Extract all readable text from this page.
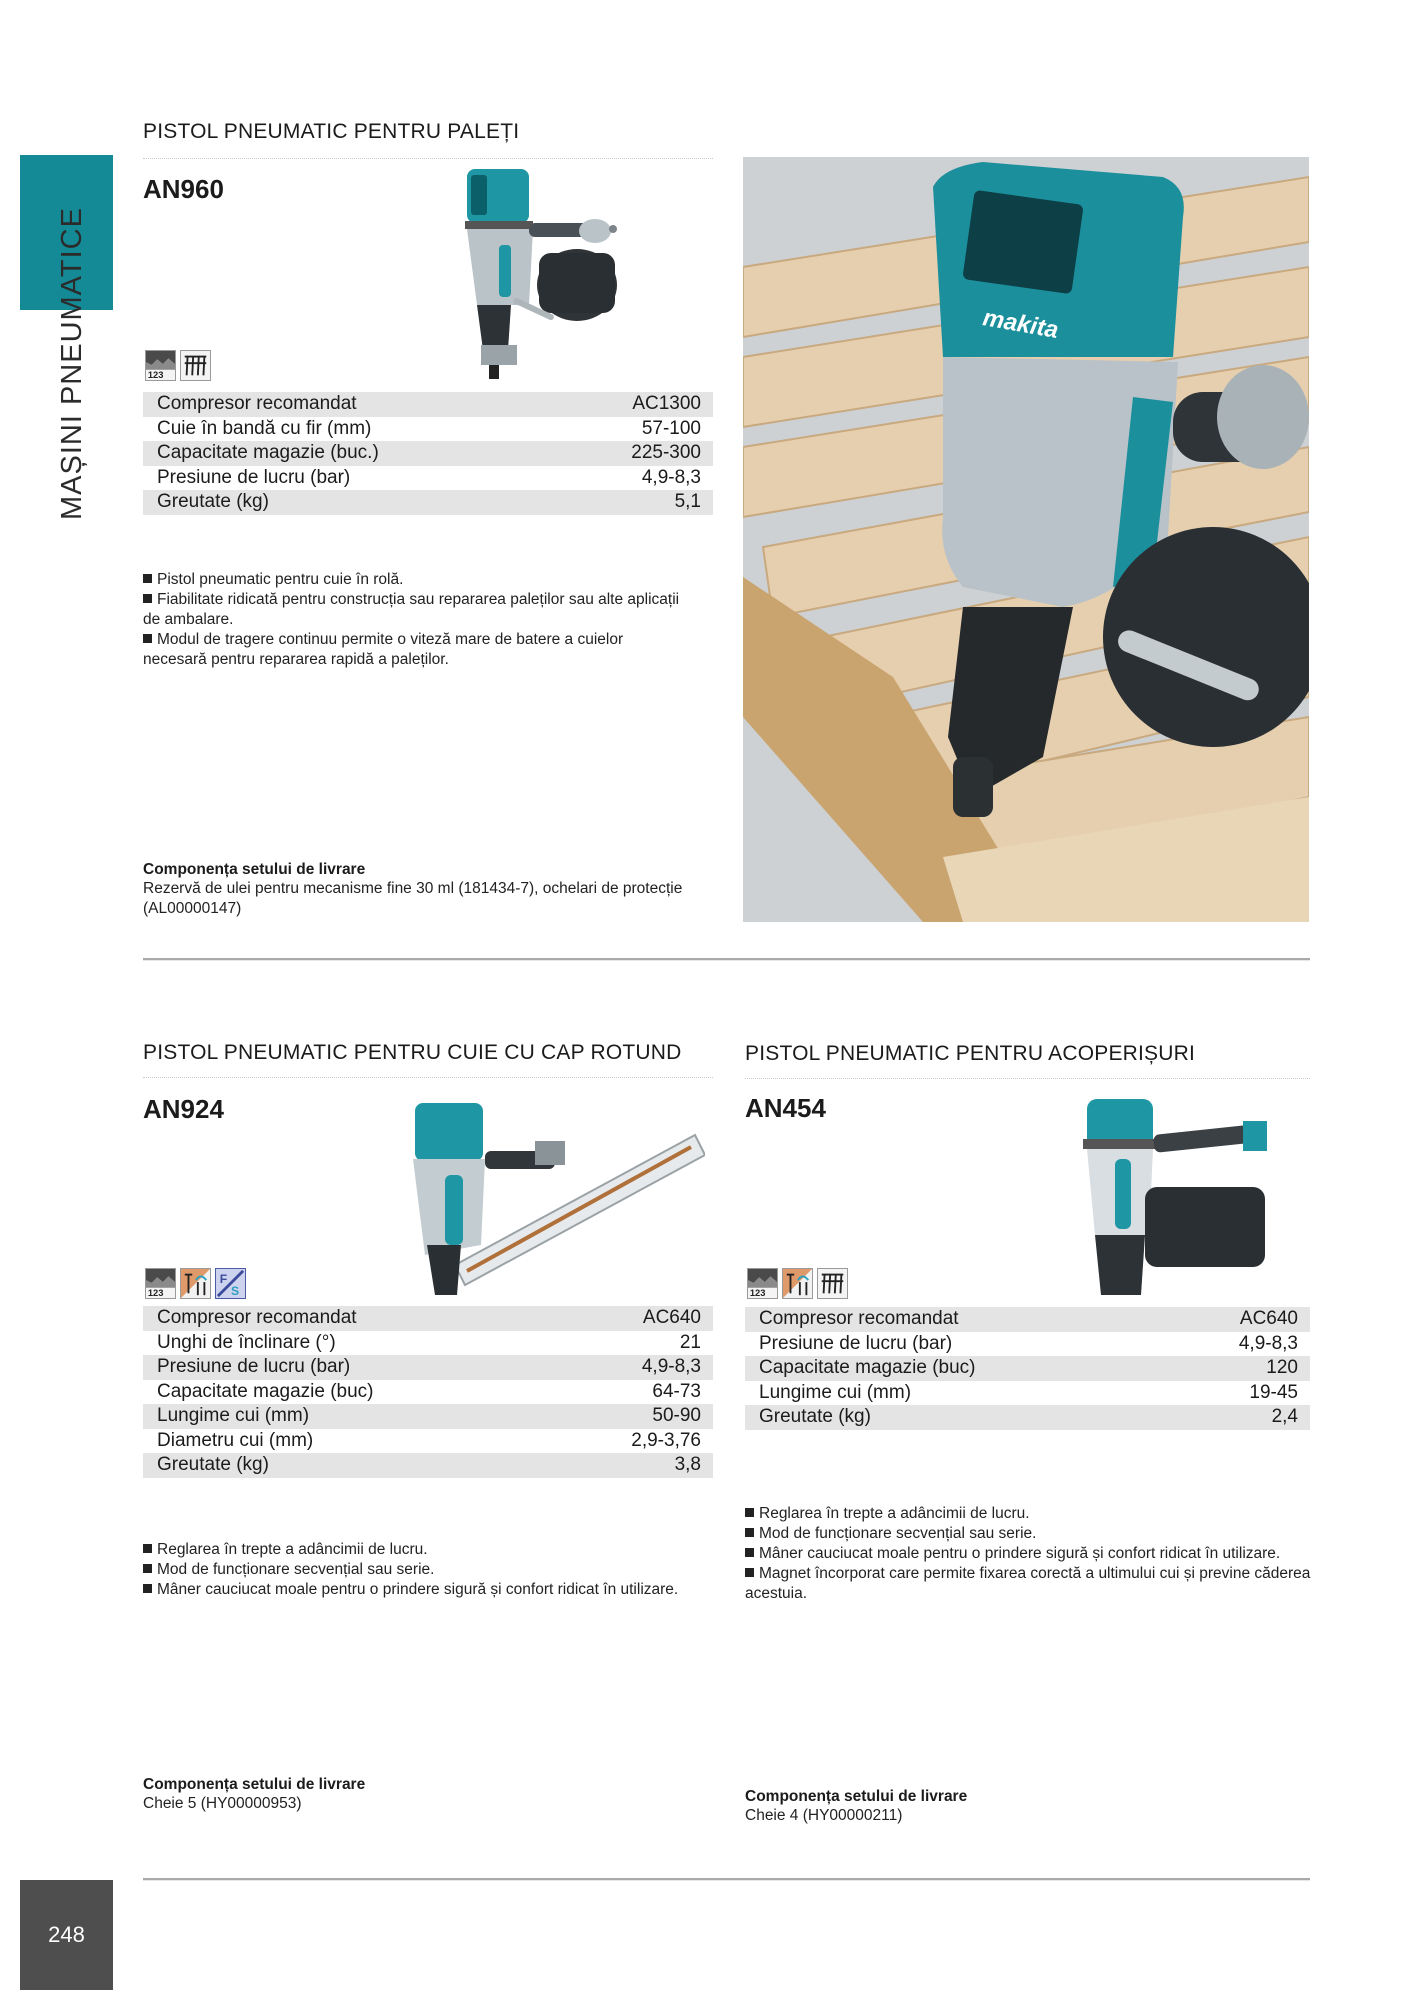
MAȘINI PNEUMATICE
248
PISTOL PNEUMATIC PENTRU PALEȚI
AN960
123
Compresor recomandat	AC1300
Cuie în bandă cu fir (mm)	57-100
Capacitate magazie (buc.)	225-300
Presiune de lucru (bar)	4,9-8,3
Greutate (kg)	5,1
Pistol pneumatic pentru cuie în rolă.
Fiabilitate ridicată pentru construcția sau repararea paleților sau alte aplicații de ambalare.
Modul de tragere continuu permite o viteză mare de batere a cuielor necesară pentru repararea rapidă a paleților.
Componența setului de livrare
Rezervă de ulei pentru mecanisme fine 30 ml (181434-7), ochelari de protecție (AL00000147)
makita
PISTOL PNEUMATIC PENTRU CUIE CU CAP ROTUND
AN924
123
F
S
Compresor recomandat	AC640
Unghi de înclinare (°)	21
Presiune de lucru (bar)	4,9-8,3
Capacitate magazie (buc)	64-73
Lungime cui (mm)	50-90
Diametru cui (mm)	2,9-3,76
Greutate (kg)	3,8
Reglarea în trepte a adâncimii de lucru.
Mod de funcționare secvențial sau serie.
Mâner cauciucat moale pentru o prindere sigură și confort ridicat în utilizare.
Componența setului de livrare
Cheie 5 (HY00000953)
PISTOL PNEUMATIC PENTRU ACOPERIȘURI
AN454
123
Compresor recomandat	AC640
Presiune de lucru (bar)	4,9-8,3
Capacitate magazie (buc)	120
Lungime cui (mm)	19-45
Greutate (kg)	2,4
Reglarea în trepte a adâncimii de lucru.
Mod de funcționare secvențial sau serie.
Mâner cauciucat moale pentru o prindere sigură și confort ridicat în utilizare.
Magnet încorporat care permite fixarea corectă a ultimului cui și previne căderea acestuia.
Componența setului de livrare
Cheie 4 (HY00000211)
